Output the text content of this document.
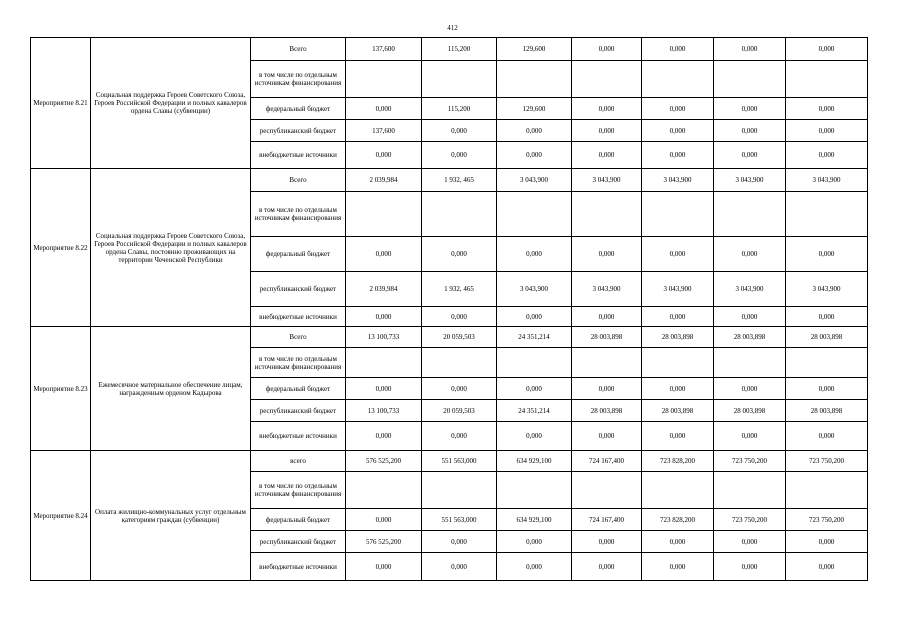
412
Мероприятие 8.21	Социальная поддержка Героев Советского Союза, Героев Российской Федерации и полных кавалеров ордена Славы (субвенции)	Всего	137,600	115,200	129,600	0,000	0,000	0,000	0,000
		в том числе по отдельным источникам финансирования							
		федеральный бюджет	0,000	115,200	129,600	0,000	0,000	0,000	0,000
		республиканский бюджет	137,600	0,000	0,000	0,000	0,000	0,000	0,000
		внебюджетные источники	0,000	0,000	0,000	0,000	0,000	0,000	0,000
Мероприятие 8.22	Социальная поддержка Героев Советского Союза, Героев Российской Федерации и полных кавалеров ордена Славы, постоянно проживающих на территории Чеченской Республики	Всего	2 039,984	1 932, 465	3 043,900	3 043,900	3 043,900	3 043,900	3 043,900
		в том числе по отдельным источникам финансирования							
		федеральный бюджет	0,000	0,000	0,000	0,000	0,000	0,000	0,000
		республиканский бюджет	2 039,984	1 932, 465	3 043,900	3 043,900	3 043,900	3 043,900	3 043,900
		внебюджетные источники	0,000	0,000	0,000	0,000	0,000	0,000	0,000
Мероприятие 8.23	Ежемесячное материальное обеспечение лицам, награжденным орденом Кадырова	Всего	13 100,733	20 059,503	24 351,214	28 003,898	28 003,898	28 003,898	28 003,898
		в том числе по отдельным источникам финансирования							
		федеральный бюджет	0,000	0,000	0,000	0,000	0,000	0,000	0,000
		республиканский бюджет	13 100,733	20 059,503	24 351,214	28 003,898	28 003,898	28 003,898	28 003,898
		внебюджетные источники	0,000	0,000	0,000	0,000	0,000	0,000	0,000
Мероприятие 8.24	Оплата жилищно-коммунальных услуг отдельным категориям граждан (субвенции)	всего	576 525,200	551 563,000	634 929,100	724 167,400	723 828,200	723 750,200	723 750,200
		в том числе по отдельным источникам финансирования							
		федеральный бюджет	0,000	551 563,000	634 929,100	724 167,400	723 828,200	723 750,200	723 750,200
		республиканский бюджет	576 525,200	0,000	0,000	0,000	0,000	0,000	0,000
		внебюджетные источники	0,000	0,000	0,000	0,000	0,000	0,000	0,000
